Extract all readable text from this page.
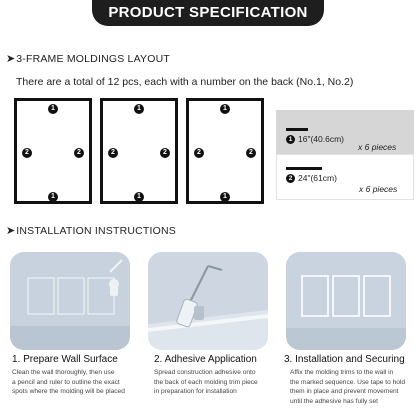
PRODUCT SPECIFICATION
➤ 3-FRAME MOLDINGS LAYOUT
There are a total of 12 pcs, each with a number on the back (No.1, No.2)
1
2	2
1
1
2	2
1
1
2	2
1
1 16"(40.6cm)
x 6 pieces
2 24"(61cm)
x 6 pieces
➤ INSTALLATION INSTRUCTIONS
1. Prepare Wall Surface
Clean the wall thoroughly, then use
a pencil and ruler to outline the exact
spots where the molding will be placed
2. Adhesive Application
Spread construction adhesive onto
the back of each molding trim piece
in preparation for installation
3. Installation and Securing
Affix the molding trims to the wall in
the marked sequence. Use tape to hold
them in place and prevent movement
until the adhesive has fully set
